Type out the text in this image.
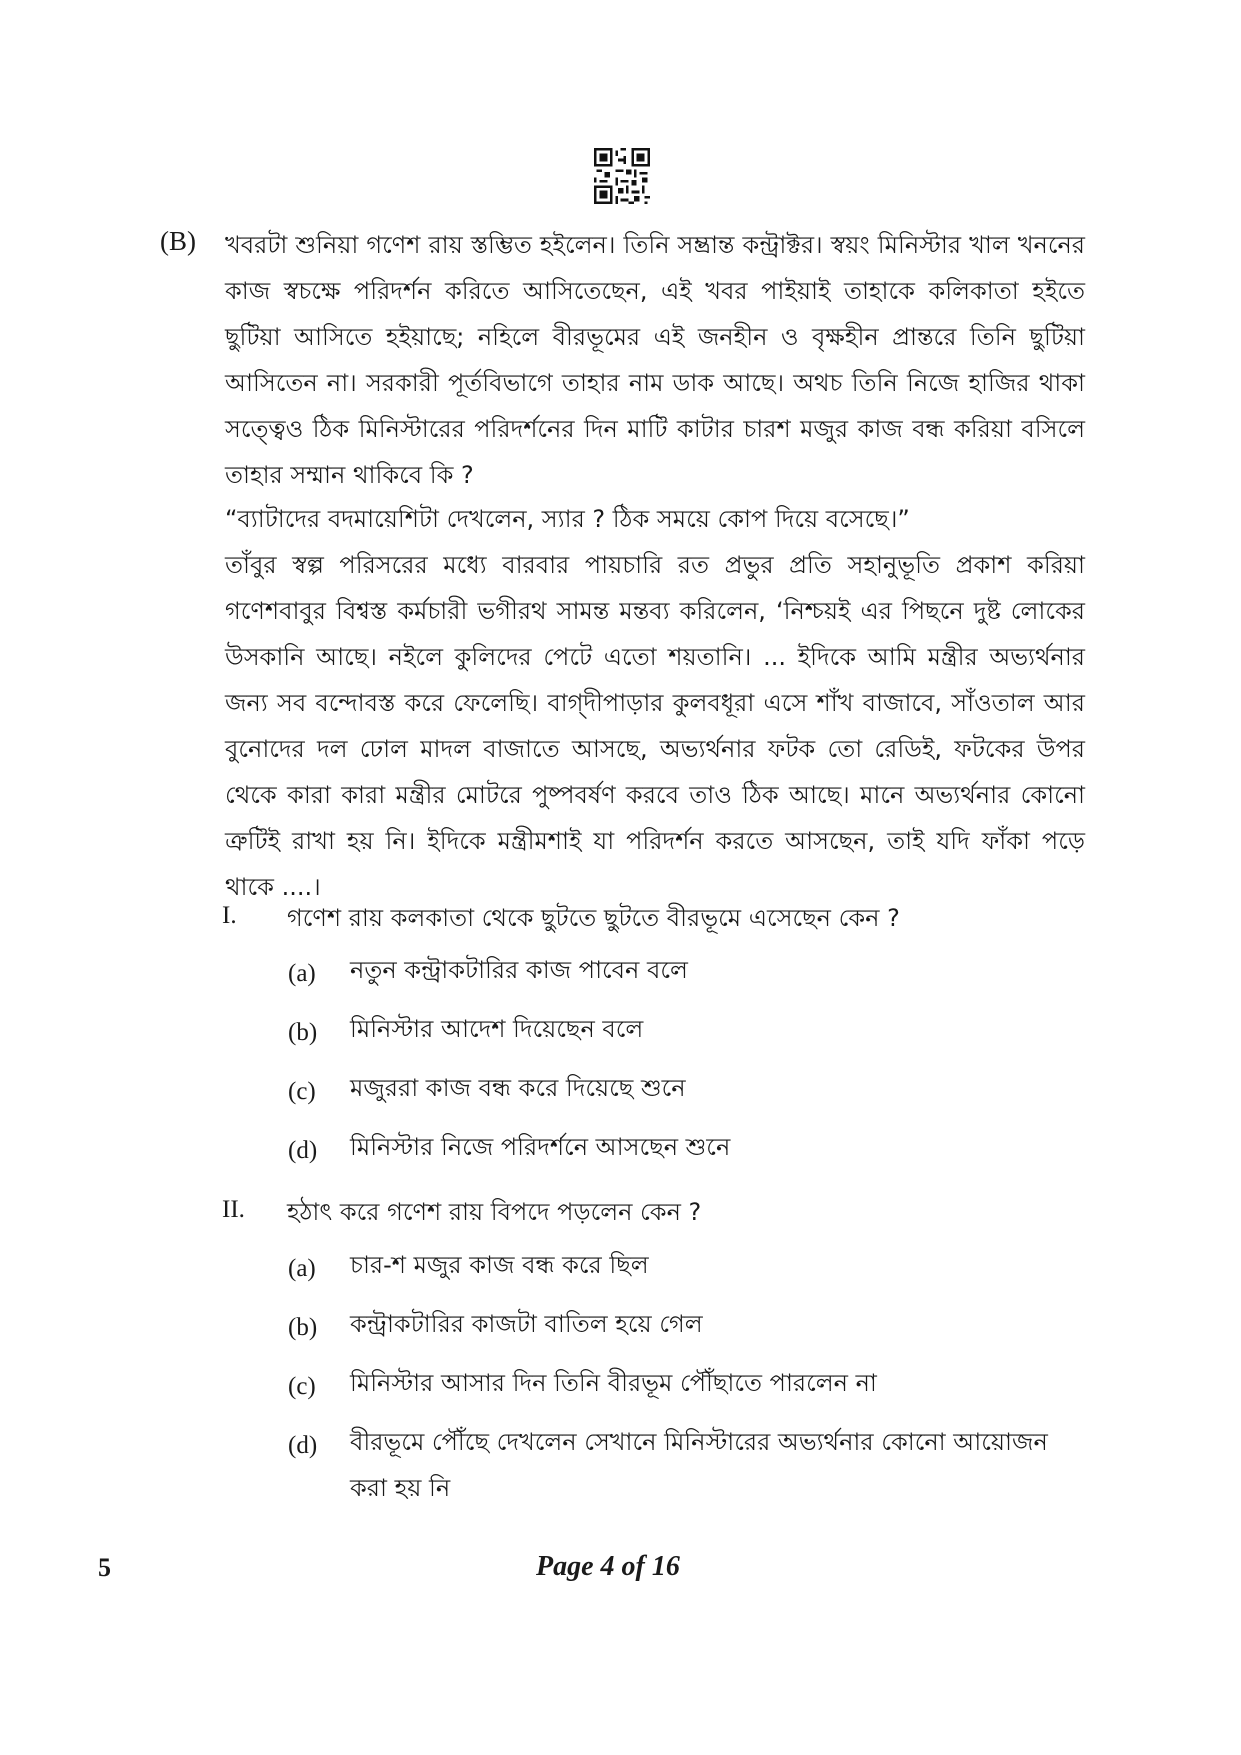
(B) খবরটা শুনিয়া গণেশ রায় স্তম্ভিত হইলেন। তিনি সম্ভ্রান্ত কন্ট্রাক্টর। স্বয়ং মিনিস্টার খাল খননের কাজ স্বচক্ষে পরিদর্শন করিতে আসিতেছেন, এই খবর পাইয়াই তাহাকে কলিকাতা হইতে ছুটিয়া আসিতে হইয়াছে; নহিলে বীরভূমের এই জনহীন ও বৃক্ষহীন প্রান্তরে তিনি ছুটিয়া আসিতেন না। সরকারী পূর্তবিভাগে তাহার নাম ডাক আছে। অথচ তিনি নিজে হাজির থাকা সত্ত্বেও ঠিক মিনিস্টারের পরিদর্শনের দিন মাটি কাটার চারশ মজুর কাজ বন্ধ করিয়া বসিলে তাহার সম্মান থাকিবে কি ?

“ব্যাটাদের বদমায়েশিটা দেখলেন, স্যার ? ঠিক সময়ে কোপ দিয়ে বসেছে।”

তাঁবুর স্বল্প পরিসরের মধ্যে বারবার পায়চারি রত প্রভুর প্রতি সহানুভূতি প্রকাশ করিয়া গণেশবাবুর বিশ্বস্ত কর্মচারী ভগীরথ সামন্ত মন্তব্য করিলেন, ‘নিশ্চয়ই এর পিছনে দুষ্ট লোকের উসকানি আছে। নইলে কুলিদের পেটে এতো শয়তানি। ... ইদিকে আমি মন্ত্রীর অভ্যর্থনার জন্য সব বন্দোবস্ত করে ফেলেছি। বাগ্‌দীপাড়ার কুলবধূরা এসে শাঁখ বাজাবে, সাঁওতাল আর বুনোদের দল ঢোল মাদল বাজাতে আসছে, অভ্যর্থনার ফটক তো রেডিই, ফটকের উপর থেকে কারা কারা মন্ত্রীর মোটরে পুষ্পবর্ষণ করবে তাও ঠিক আছে। মানে অভ্যর্থনার কোনো ত্রুটিই রাখা হয় নি। ইদিকে মন্ত্রীমশাই যা পরিদর্শন করতে আসছেন, তাই যদি ফাঁকা পড়ে থাকে ....।

I. গণেশ রায় কলকাতা থেকে ছুটতে ছুটতে বীরভূমে এসেছেন কেন ?
(a) নতুন কন্ট্রাকটারির কাজ পাবেন বলে
(b) মিনিস্টার আদেশ দিয়েছেন বলে
(c) মজুররা কাজ বন্ধ করে দিয়েছে শুনে
(d) মিনিস্টার নিজে পরিদর্শনে আসছেন শুনে
II. হঠাৎ করে গণেশ রায় বিপদে পড়লেন কেন ?
(a) চার-শ মজুর কাজ বন্ধ করে ছিল
(b) কন্ট্রাকটারির কাজটা বাতিল হয়ে গেল
(c) মিনিস্টার আসার দিন তিনি বীরভূম পৌঁছাতে পারলেন না
(d) বীরভূমে পৌঁছে দেখলেন সেখানে মিনিস্টারের অভ্যর্থনার কোনো আয়োজন করা হয় নি
5	Page 4 of 16
